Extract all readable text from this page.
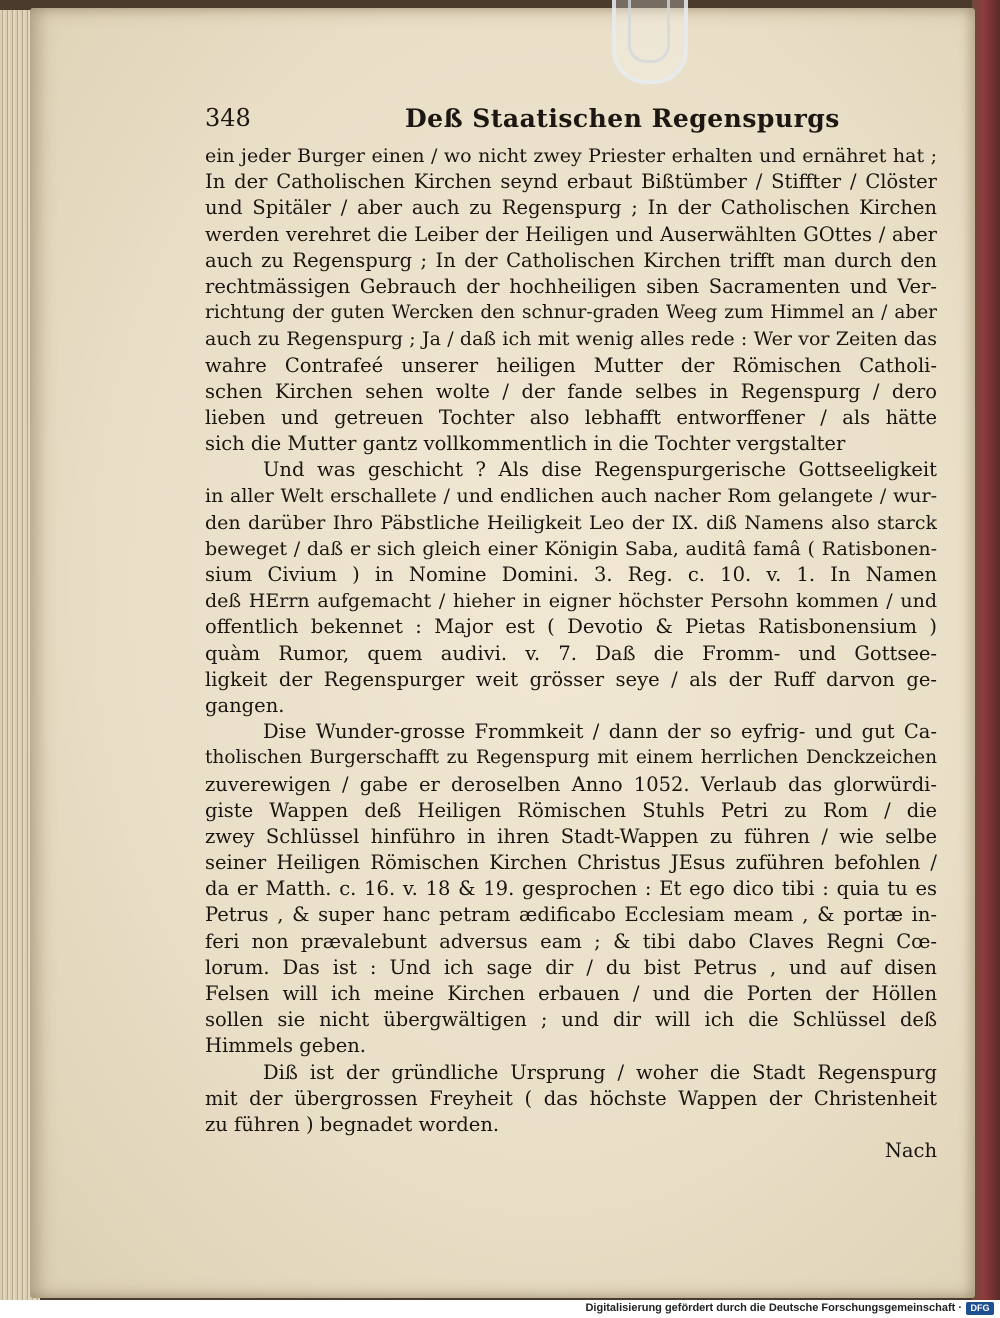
348	Deß Staatischen Regenspurgs
ein jeder Burger einen / wo nicht zwey Priester erhalten und ernähret hat ;
In der Catholischen Kirchen seynd erbaut Bißtümber / Stiffter / Clöster
und Spitäler / aber auch zu Regenspurg ; In der Catholischen Kirchen
werden verehret die Leiber der Heiligen und Auserwählten GOttes / aber
auch zu Regenspurg ; In der Catholischen Kirchen trifft man durch den
rechtmässigen Gebrauch der hochheiligen siben Sacramenten und Ver-
richtung der guten Wercken den schnur-graden Weeg zum Himmel an / aber
auch zu Regenspurg ; Ja / daß ich mit wenig alles rede : Wer vor Zeiten das
wahre Contrafeé unserer heiligen Mutter der Römischen Catholi-
schen Kirchen sehen wolte / der fande selbes in Regenspurg / dero
lieben und getreuen Tochter also lebhafft entworffener / als hätte
sich die Mutter gantz vollkommentlich in die Tochter vergstalter
Und was geschicht ? Als dise Regenspurgerische Gottseeligkeit
in aller Welt erschallete / und endlichen auch nacher Rom gelangete / wur-
den darüber Ihro Päbstliche Heiligkeit Leo der IX. diß Namens also starck
beweget / daß er sich gleich einer Königin Saba, auditâ famâ ( Ratisbonen-
sium Civium ) in Nomine Domini. 3. Reg. c. 10. v. 1. In Namen
deß HErrn aufgemacht / hieher in eigner höchster Persohn kommen / und
offentlich bekennet : Major est ( Devotio & Pietas Ratisbonensium )
quàm Rumor, quem audivi. v. 7. Daß die Fromm- und Gottsee-
ligkeit der Regenspurger weit grösser seye / als der Ruff darvon ge-
gangen.
Dise Wunder-grosse Frommkeit / dann der so eyfrig- und gut Ca-
tholischen Burgerschafft zu Regenspurg mit einem herrlichen Denckzeichen
zuverewigen / gabe er deroselben Anno 1052. Verlaub das glorwürdi-
giste Wappen deß Heiligen Römischen Stuhls Petri zu Rom / die
zwey Schlüssel hinführo in ihren Stadt-Wappen zu führen / wie selbe
seiner Heiligen Römischen Kirchen Christus JEsus zuführen befohlen /
da er Matth. c. 16. v. 18 & 19. gesprochen : Et ego dico tibi : quia tu es
Petrus , & super hanc petram ædificabo Ecclesiam meam , & portæ in-
feri non prævalebunt adversus eam ; & tibi dabo Claves Regni Cœ-
lorum. Das ist : Und ich sage dir / du bist Petrus , und auf disen
Felsen will ich meine Kirchen erbauen / und die Porten der Höllen
sollen sie nicht übergwältigen ; und dir will ich die Schlüssel deß
Himmels geben.
Diß ist der gründliche Ursprung / woher die Stadt Regenspurg
mit der übergrossen Freyheit ( das höchste Wappen der Christenheit
zu führen ) begnadet worden.
Nach
Digitalisierung gefördert durch die Deutsche Forschungsgemeinschaft · DFG
